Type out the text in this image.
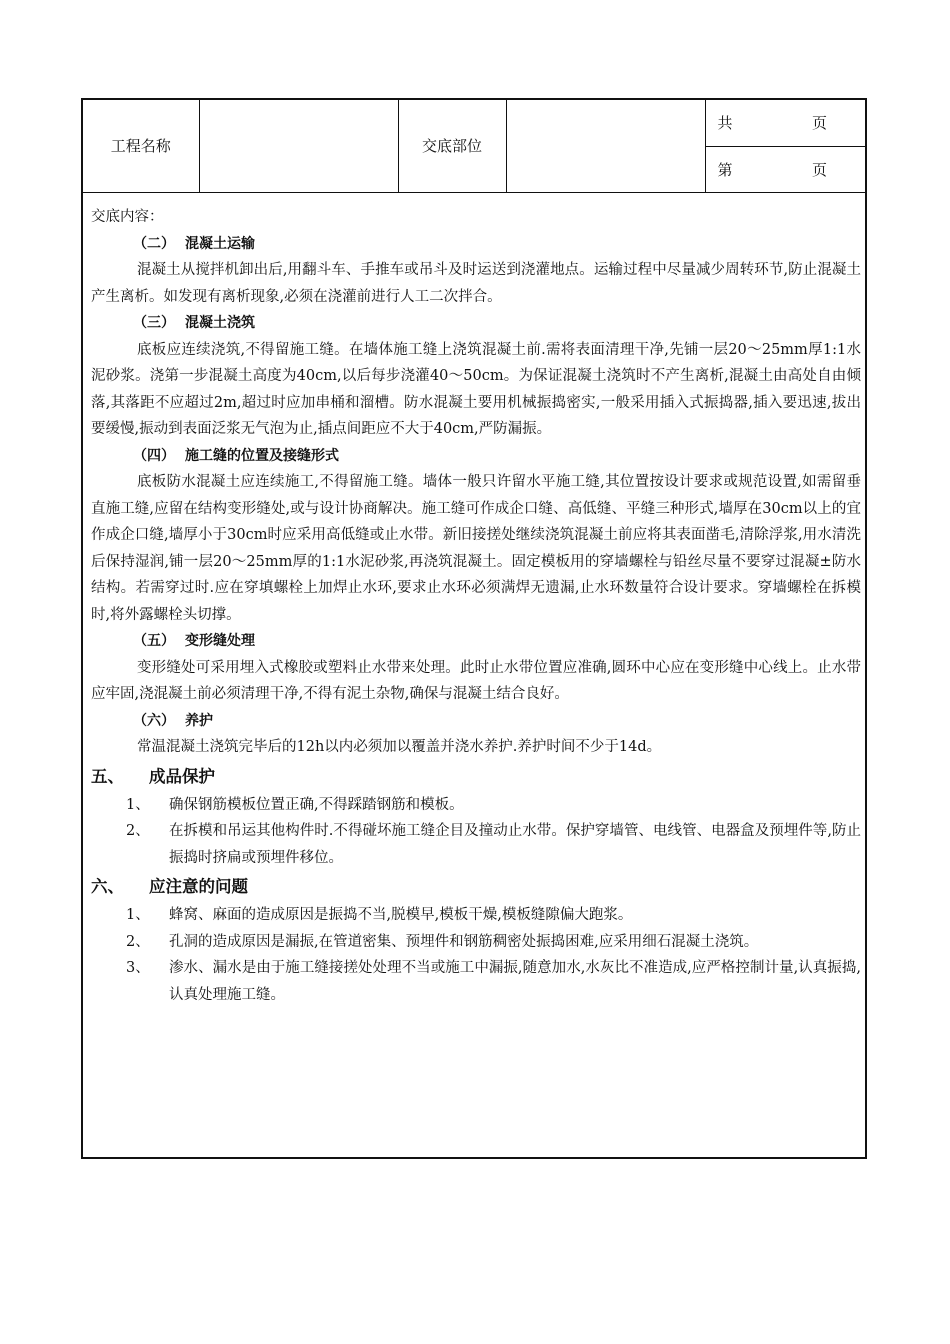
工程名称		交底部位		
共	页

第	页

交底内容：

（二） 混凝土运输

混凝土从搅拌机卸出后,用翻斗车、手推车或吊斗及时运送到浇灌地点。运输过程中尽量减少周转环节,防止混凝土产生离析。如发现有离析现象,必须在浇灌前进行人工二次拌合。

（三） 混凝土浇筑

底板应连续浇筑,不得留施工缝。在墙体施工缝上浇筑混凝土前.需将表面清理干净,先铺一层20～25mm厚1:1水泥砂浆。浇第一步混凝土高度为40cm,以后每步浇灌40～50cm。为保证混凝土浇筑时不产生离析,混凝土由高处自由倾落,其落距不应超过2m,超过时应加串桶和溜槽。防水混凝土要用机械振捣密实,一般采用插入式振捣器,插入要迅速,拔出要缓慢,振动到表面泛浆无气泡为止,插点间距应不大于40cm,严防漏振。

（四） 施工缝的位置及接缝形式

底板防水混凝土应连续施工,不得留施工缝。墙体一般只许留水平施工缝,其位置按设计要求或规范设置,如需留垂直施工缝,应留在结构变形缝处,或与设计协商解决。施工缝可作成企口缝、高低缝、平缝三种形式,墙厚在30cm以上的宜作成企口缝,墙厚小于30cm时应采用高低缝或止水带。新旧接搓处继续浇筑混凝土前应将其表面凿毛,清除浮浆,用水清洗后保持湿润,铺一层20～25mm厚的1:1水泥砂浆,再浇筑混凝土。固定模板用的穿墙螺栓与铅丝尽量不要穿过混凝±防水结构。若需穿过时.应在穿填螺栓上加焊止水环,要求止水环必须满焊无遗漏,止水环数量符合设计要求。穿墙螺栓在拆模时,将外露螺栓头切撑。

（五） 变形缝处理

变形缝处可采用埋入式橡胶或塑料止水带来处理。此时止水带位置应准确,圆环中心应在变形缝中心线上。止水带应牢固,浇混凝土前必须清理干净,不得有泥土杂物,确保与混凝土结合良好。

（六） 养护

常温混凝土浇筑完毕后的12h以内必须加以覆盖并浇水养护.养护时间不少于14d。

五、 成品保护

1、	确保钢筋模板位置正确,不得踩踏钢筋和模板。
2、	在拆模和吊运其他构件时.不得碰坏施工缝企目及撞动止水带。保护穿墙管、电线管、电器盒及预埋件等,防止振捣时挤扁或预埋件移位。

六、 应注意的问题

1、	蜂窝、麻面的造成原因是振捣不当,脱模早,模板干燥,模板缝隙偏大跑浆。
2、	孔洞的造成原因是漏振,在管道密集、预埋件和钢筋稠密处振捣困难,应采用细石混凝土浇筑。
3、	渗水、漏水是由于施工缝接搓处处理不当或施工中漏振,随意加水,水灰比不准造成,应严格控制计量,认真振捣,认真处理施工缝。
